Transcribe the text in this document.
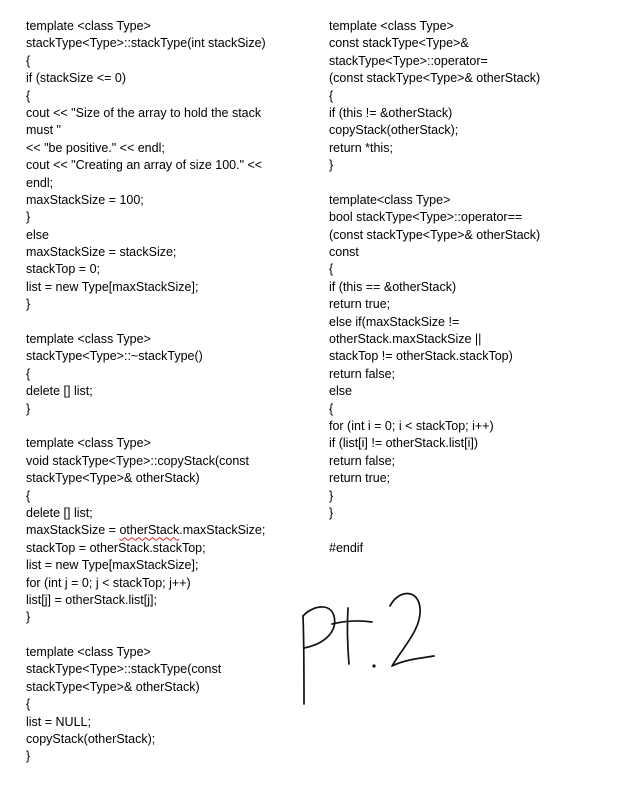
template <class Type>
stackType<Type>::stackType(int stackSize)
{
if (stackSize <= 0)
{
cout << "Size of the array to hold the stack
must "
<< "be positive." << endl;
cout << "Creating an array of size 100." <<
endl;
maxStackSize = 100;
}
else
maxStackSize = stackSize;
stackTop = 0;
list = new Type[maxStackSize];
}
template <class Type>
stackType<Type>::~stackType()
{
delete [] list;
}
template <class Type>
void stackType<Type>::copyStack(const
stackType<Type>& otherStack)
{
delete [] list;
maxStackSize = otherStack.maxStackSize;
stackTop = otherStack.stackTop;
list = new Type[maxStackSize];
for (int j = 0; j < stackTop; j++)
list[j] = otherStack.list[j];
}
template <class Type>
stackType<Type>::stackType(const
stackType<Type>& otherStack)
{
list = NULL;
copyStack(otherStack);
}
template <class Type>
const stackType<Type>&
stackType<Type>::operator=
(const stackType<Type>& otherStack)
{
if (this != &otherStack)
copyStack(otherStack);
return *this;
}
template<class Type>
bool stackType<Type>::operator==
(const stackType<Type>& otherStack)
const
{
if (this == &otherStack)
return true;
else if(maxStackSize !=
otherStack.maxStackSize ||
stackTop != otherStack.stackTop)
return false;
else
{
for (int i = 0; i < stackTop; i++)
if (list[i] != otherStack.list[i])
return false;
return true;
}
}
#endif
